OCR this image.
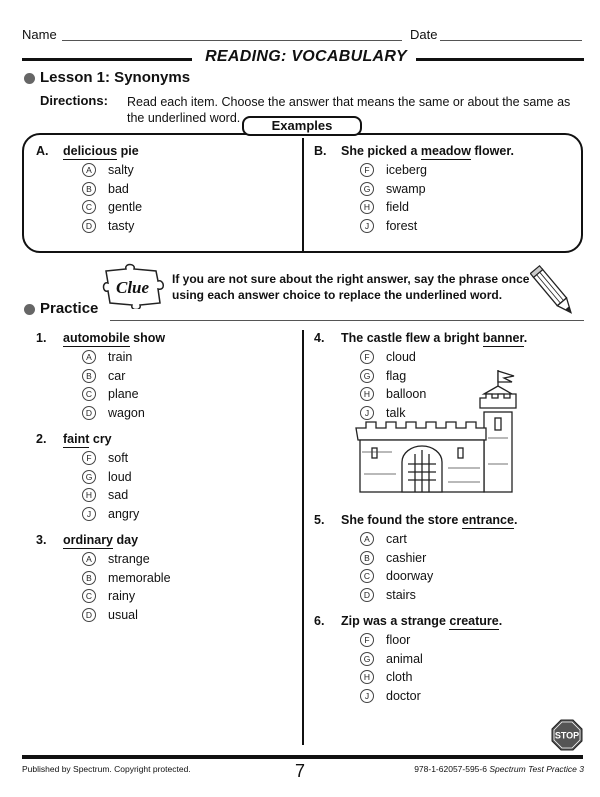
Name	Date
READING: VOCABULARY
Lesson 1: Synonyms
Directions: Read each item. Choose the answer that means the same or about the same as the underlined word.	Examples
A. delicious pie
A	salty
B	bad
C	gentle
D	tasty
B. She picked a meadow flower.
F	iceberg
G swamp
H	field
J	forest
Clue If you are not sure about the right answer, say the phrase once using each answer choice to replace the underlined word.
Practice
1. automobile show
A	train
B	car
C	plane
D	wagon
2. faint cry
F	soft
G loud
H	sad
J	angry
3. ordinary day
A	strange
B	memorable
C	rainy
D	usual
4. The castle flew a bright banner.
F	cloud
G flag
H	balloon
J	talk
5. She found the store entrance.
A	cart
B	cashier
C	doorway
D	stairs
6. Zip was a strange creature.
F	floor
G animal
H	cloth
J	doctor
STOP
Published by Spectrum. Copyright protected.	7	978-1-62057-595-6 Spectrum Test Practice 3
